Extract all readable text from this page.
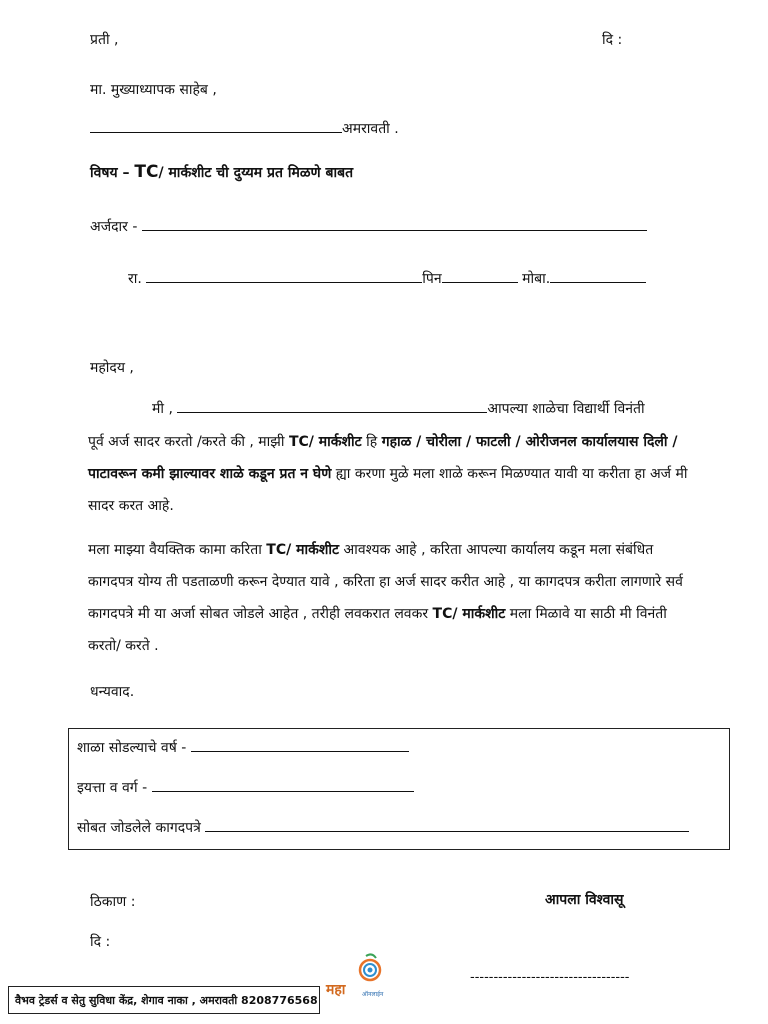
प्रती ,	दि :
मा. मुख्याध्यापक साहेब ,
अमरावती .
विषय – TC/ मार्कशीट ची दुय्यम प्रत मिळणे बाबत
अर्जदार -
रा.	पिन	मोबा.
महोदय ,
मी ,	आपल्या शाळेचा विद्यार्थी विनंती
पूर्व अर्ज सादर करतो /करते की , माझी TC/ मार्कशीट हि गहाळ / चोरीला / फाटली / ओरीजनल कार्यालयास दिली / पाटावरून कमी झाल्यावर शाळे कडून प्रत न घेणे ह्या करणा मुळे मला शाळे करून मिळण्यात यावी या करीता हा अर्ज मी सादर करत आहे.
मला माझ्या वैयक्तिक कामा करिता TC/ मार्कशीट आवश्यक आहे , करिता आपल्या कार्यालय कडून मला संबंधित कागदपत्र योग्य ती पडताळणी करून देण्यात यावे , करिता हा अर्ज सादर करीत आहे , या कागदपत्र करीता लागणारे सर्व कागदपत्रे मी या अर्जा सोबत जोडले आहेत , तरीही लवकरात लवकर TC/ मार्कशीट मला मिळावे या साठी मी विनंती करतो/ करते .
धन्यवाद.
शाळा सोडल्याचे वर्ष -
इयत्ता व वर्ग -
सोबत जोडलेले कागदपत्रे
ठिकाण :	आपला विश्वासू
दि :
महा	ऑनलाईन
----------------------------------
वैभव ट्रेडर्स व सेतु सुविधा केंद्र, शेगाव नाका , अमरावती 8208776568
